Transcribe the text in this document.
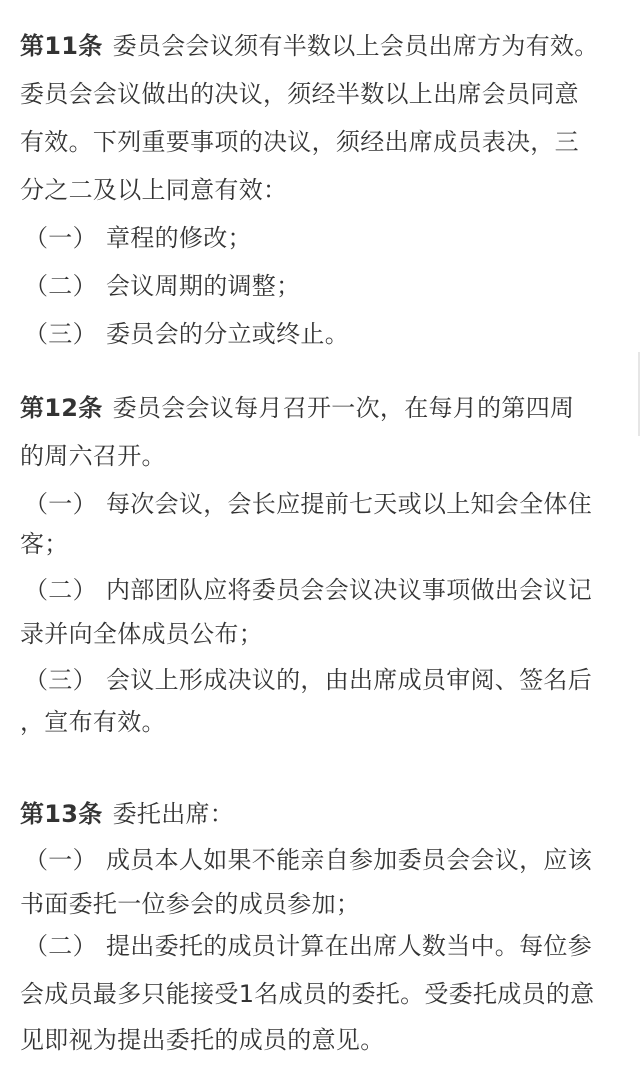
第11条 委员会会议须有半数以上会员出席方为有效。
委员会会议做出的决议，须经半数以上出席会员同意
有效。下列重要事项的决议，须经出席成员表决，三
分之二及以上同意有效：
（一） 章程的修改；
（二） 会议周期的调整；
（三） 委员会的分立或终止。
第12条 委员会会议每月召开一次，在每月的第四周
的周六召开。
（一） 每次会议，会长应提前七天或以上知会全体住
客；
（二） 内部团队应将委员会会议决议事项做出会议记
录并向全体成员公布；
（三） 会议上形成决议的，由出席成员审阅、签名后
，宣布有效。
第13条 委托出席：
（一） 成员本人如果不能亲自参加委员会会议，应该
书面委托一位参会的成员参加；
（二） 提出委托的成员计算在出席人数当中。每位参
会成员最多只能接受1名成员的委托。受委托成员的意
见即视为提出委托的成员的意见。
